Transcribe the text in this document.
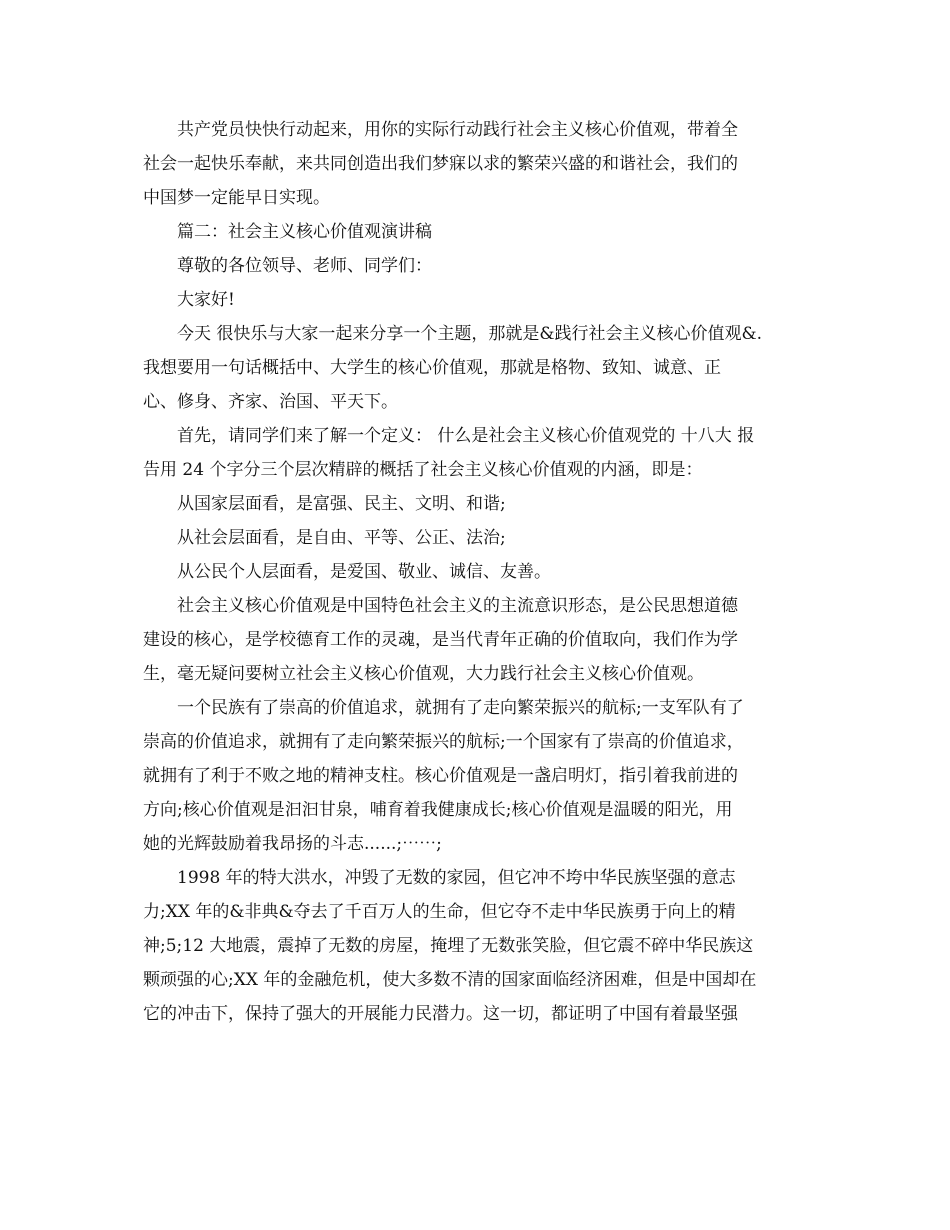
共产党员快快行动起来，用你的实际行动践行社会主义核心价值观，带着全
社会一起快乐奉献，来共同创造出我们梦寐以求的繁荣兴盛的和谐社会，我们的
中国梦一定能早日实现。
篇二：社会主义核心价值观演讲稿
尊敬的各位领导、老师、同学们：
大家好!
今天 很快乐与大家一起来分享一个主题，那就是&践行社会主义核心价值观&.
我想要用一句话概括中、大学生的核心价值观，那就是格物、致知、诚意、正
心、修身、齐家、治国、平天下。
首先，请同学们来了解一个定义： 什么是社会主义核心价值观党的 十八大 报
告用 24 个字分三个层次精辟的概括了社会主义核心价值观的内涵，即是：
从国家层面看，是富强、民主、文明、和谐;
从社会层面看，是自由、平等、公正、法治;
从公民个人层面看，是爱国、敬业、诚信、友善。
社会主义核心价值观是中国特色社会主义的主流意识形态，是公民思想道德
建设的核心，是学校德育工作的灵魂，是当代青年正确的价值取向，我们作为学
生，毫无疑问要树立社会主义核心价值观，大力践行社会主义核心价值观。
一个民族有了崇高的价值追求，就拥有了走向繁荣振兴的航标;一支军队有了
崇高的价值追求，就拥有了走向繁荣振兴的航标;一个国家有了崇高的价值追求，
就拥有了利于不败之地的精神支柱。核心价值观是一盏启明灯，指引着我前进的
方向;核心价值观是汩汩甘泉，哺育着我健康成长;核心价值观是温暖的阳光，用
她的光辉鼓励着我昂扬的斗志......;⋯⋯;
1998 年的特大洪水，冲毁了无数的家园，但它冲不垮中华民族坚强的意志
力;XX 年的&非典&夺去了千百万人的生命，但它夺不走中华民族勇于向上的精
神;5;12 大地震，震掉了无数的房屋，掩埋了无数张笑脸，但它震不碎中华民族这
颗顽强的心;XX 年的金融危机，使大多数不清的国家面临经济困难，但是中国却在
它的冲击下，保持了强大的开展能力民潜力。这一切，都证明了中国有着最坚强
